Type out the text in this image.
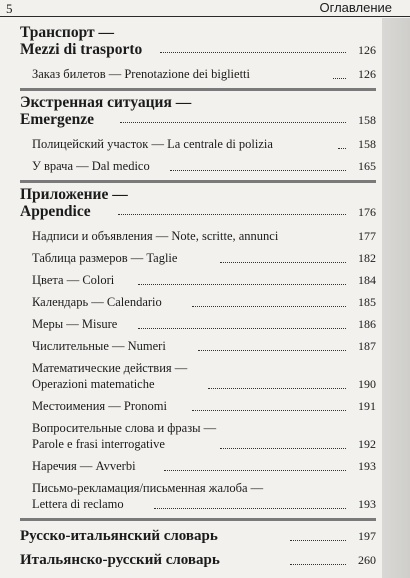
5	Оглавление
Транспорт —
Mezzi di trasporto	126
Заказ билетов — Prenotazione dei biglietti	126
Экстренная ситуация —
Emergenze	158
Полицейский участок — La centrale di polizia	158
У врача — Dal medico	165
Приложение —
Appendice	176
Надписи и объявления — Note, scritte, annunci	177
Таблица размеров — Taglie	182
Цвета — Colori	184
Календарь — Calendario	185
Меры — Misure	186
Числительные — Numeri	187
Математические действия —
Operazioni matematiche	190
Местоимения — Pronomi	191
Вопросительные слова и фразы —
Parole e frasi interrogative	192
Наречия — Avverbi	193
Письмо-рекламация/письменная жалоба —
Lettera di reclamo	193
Русско-итальянский словарь	197
Итальянско-русский словарь	260
